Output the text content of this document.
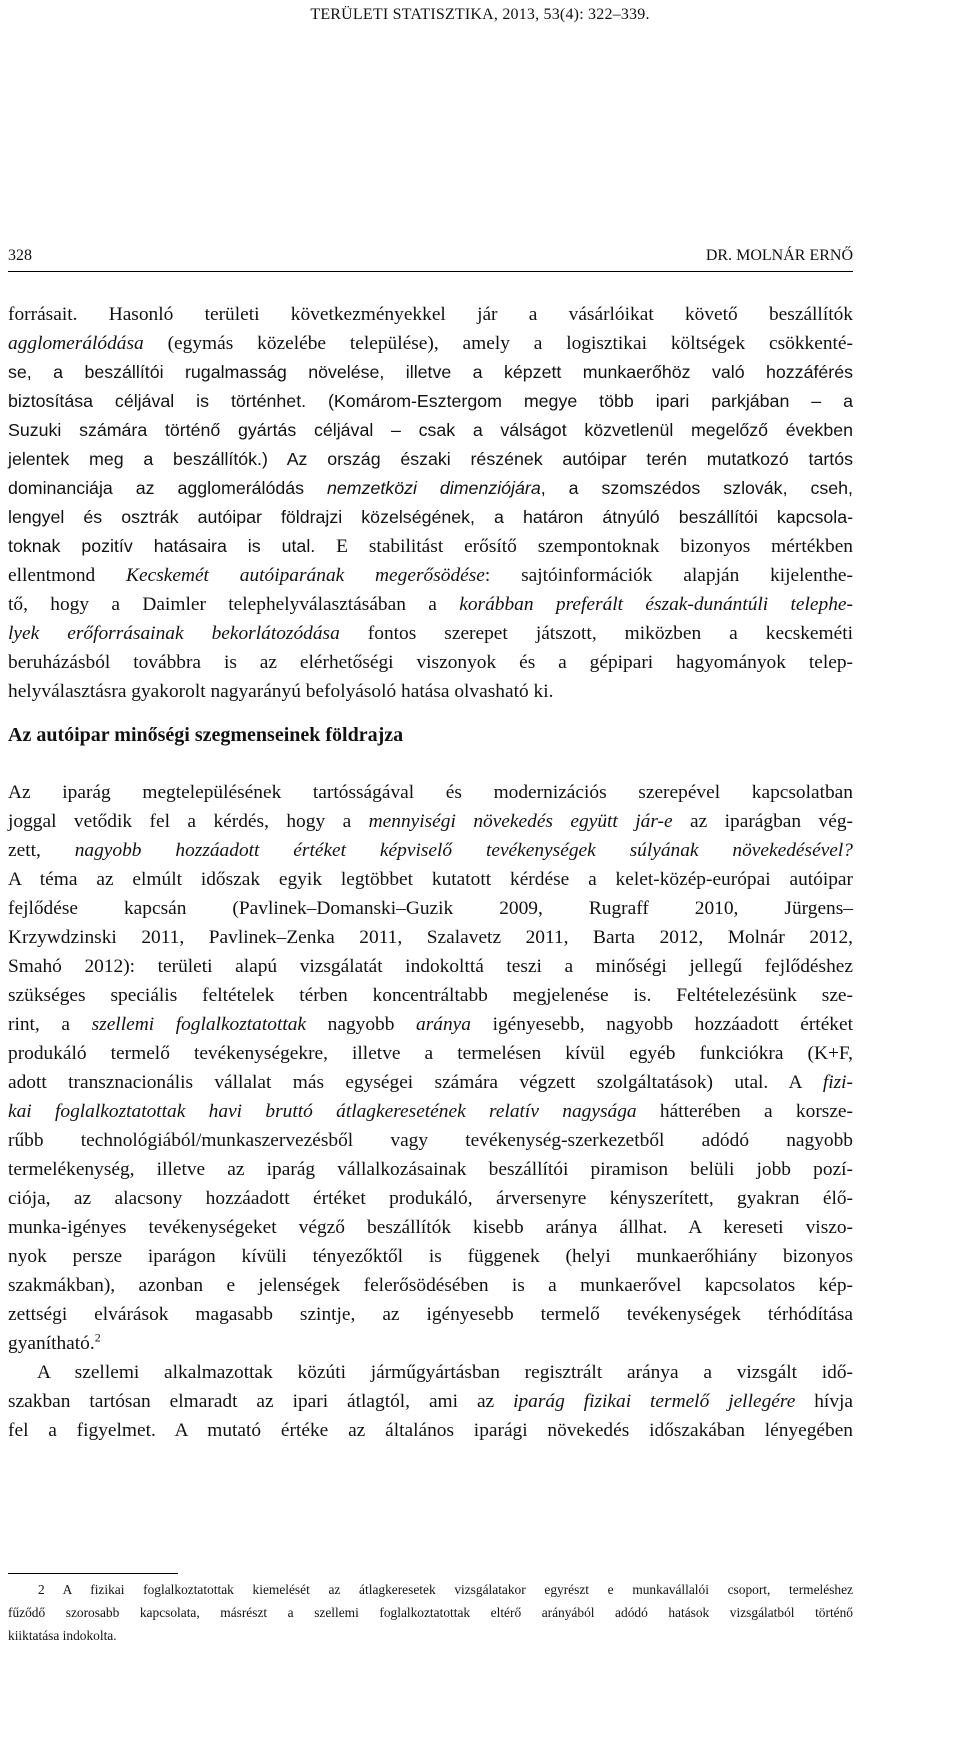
TERÜLETI STATISZTIKA, 2013, 53(4): 322–339.
328	DR. MOLNÁR ERNŐ
forrásait. Hasonló területi következményekkel jár a vásárlóikat követő beszállítók
agglomerálódása (egymás közelébe települése), amely a logisztikai költségek csökkenté-
se, a beszállítói rugalmasság növelése, illetve a képzett munkaerőhöz való hozzáférés
biztosítása céljával is történhet. (Komárom-Esztergom megye több ipari parkjában – a
Suzuki számára történő gyártás céljával – csak a válságot közvetlenül megelőző években
jelentek meg a beszállítók.) Az ország északi részének autóipar terén mutatkozó tartós
dominanciája az agglomerálódás nemzetközi dimenziójára, a szomszédos szlovák, cseh,
lengyel és osztrák autóipar földrajzi közelségének, a határon átnyúló beszállítói kapcsola-
toknak pozitív hatásaira is utal. E stabilitást erősítő szempontoknak bizonyos mértékben
ellentmond Kecskemét autóiparának megerősödése: sajtóinformációk alapján kijelenthe-
tő, hogy a Daimler telephelyválasztásában a korábban preferált észak-dunántúli telephe-
lyek erőforrásainak bekorlátozódása fontos szerepet játszott, miközben a kecskeméti
beruházásból továbbra is az elérhetőségi viszonyok és a gépipari hagyományok telep-
helyválasztásra gyakorolt nagyarányú befolyásoló hatása olvasható ki.
Az autóipar minőségi szegmenseinek földrajza
Az iparág megtelepülésének tartósságával és modernizációs szerepével kapcsolatban
joggal vetődik fel a kérdés, hogy a mennyiségi növekedés együtt jár-e az iparágban vég-
zett, nagyobb hozzáadott értéket képviselő tevékenységek súlyának növekedésével?
A téma az elmúlt időszak egyik legtöbbet kutatott kérdése a kelet-közép-európai autóipar
fejlődése kapcsán (Pavlinek–Domanski–Guzik 2009, Rugraff 2010, Jürgens–
Krzywdzinski 2011, Pavlinek–Zenka 2011, Szalavetz 2011, Barta 2012, Molnár 2012,
Smahó 2012): területi alapú vizsgálatát indokolttá teszi a minőségi jellegű fejlődéshez
szükséges speciális feltételek térben koncentráltabb megjelenése is. Feltételezésünk sze-
rint, a szellemi foglalkoztatottak nagyobb aránya igényesebb, nagyobb hozzáadott értéket
produkáló termelő tevékenységekre, illetve a termelésen kívül egyéb funkciókra (K+F,
adott transznacionális vállalat más egységei számára végzett szolgáltatások) utal. A fizi-
kai foglalkoztatottak havi bruttó átlagkeresetének relatív nagysága hátterében a korsze-
rűbb technológiából/munkaszervezésből vagy tevékenység-szerkezetből adódó nagyobb
termelékenység, illetve az iparág vállalkozásainak beszállítói piramison belüli jobb pozí-
ciója, az alacsony hozzáadott értéket produkáló, árversenyre kényszerített, gyakran élő-
munka-igényes tevékenységeket végző beszállítók kisebb aránya állhat. A kereseti viszo-
nyok persze iparágon kívüli tényezőktől is függenek (helyi munkaerőhiány bizonyos
szakmákban), azonban e jelenségek felerősödésében is a munkaerővel kapcsolatos kép-
zettségi elvárások magasabb szintje, az igényesebb termelő tevékenységek térhódítása
gyanítható.$^2$
A szellemi alkalmazottak közúti járműgyártásban regisztrált aránya a vizsgált idő-
szakban tartósan elmaradt az ipari átlagtól, ami az iparág fizikai termelő jellegére hívja
fel a figyelmet. A mutató értéke az általános iparági növekedés időszakában lényegében
2 A fizikai foglalkoztatottak kiemelését az átlagkeresetek vizsgálatakor egyrészt e munkavállalói csoport, termeléshez
fűződő szorosabb kapcsolata, másrészt a szellemi foglalkoztatottak eltérő arányából adódó hatások vizsgálatból történő
kiiktatása indokolta.
